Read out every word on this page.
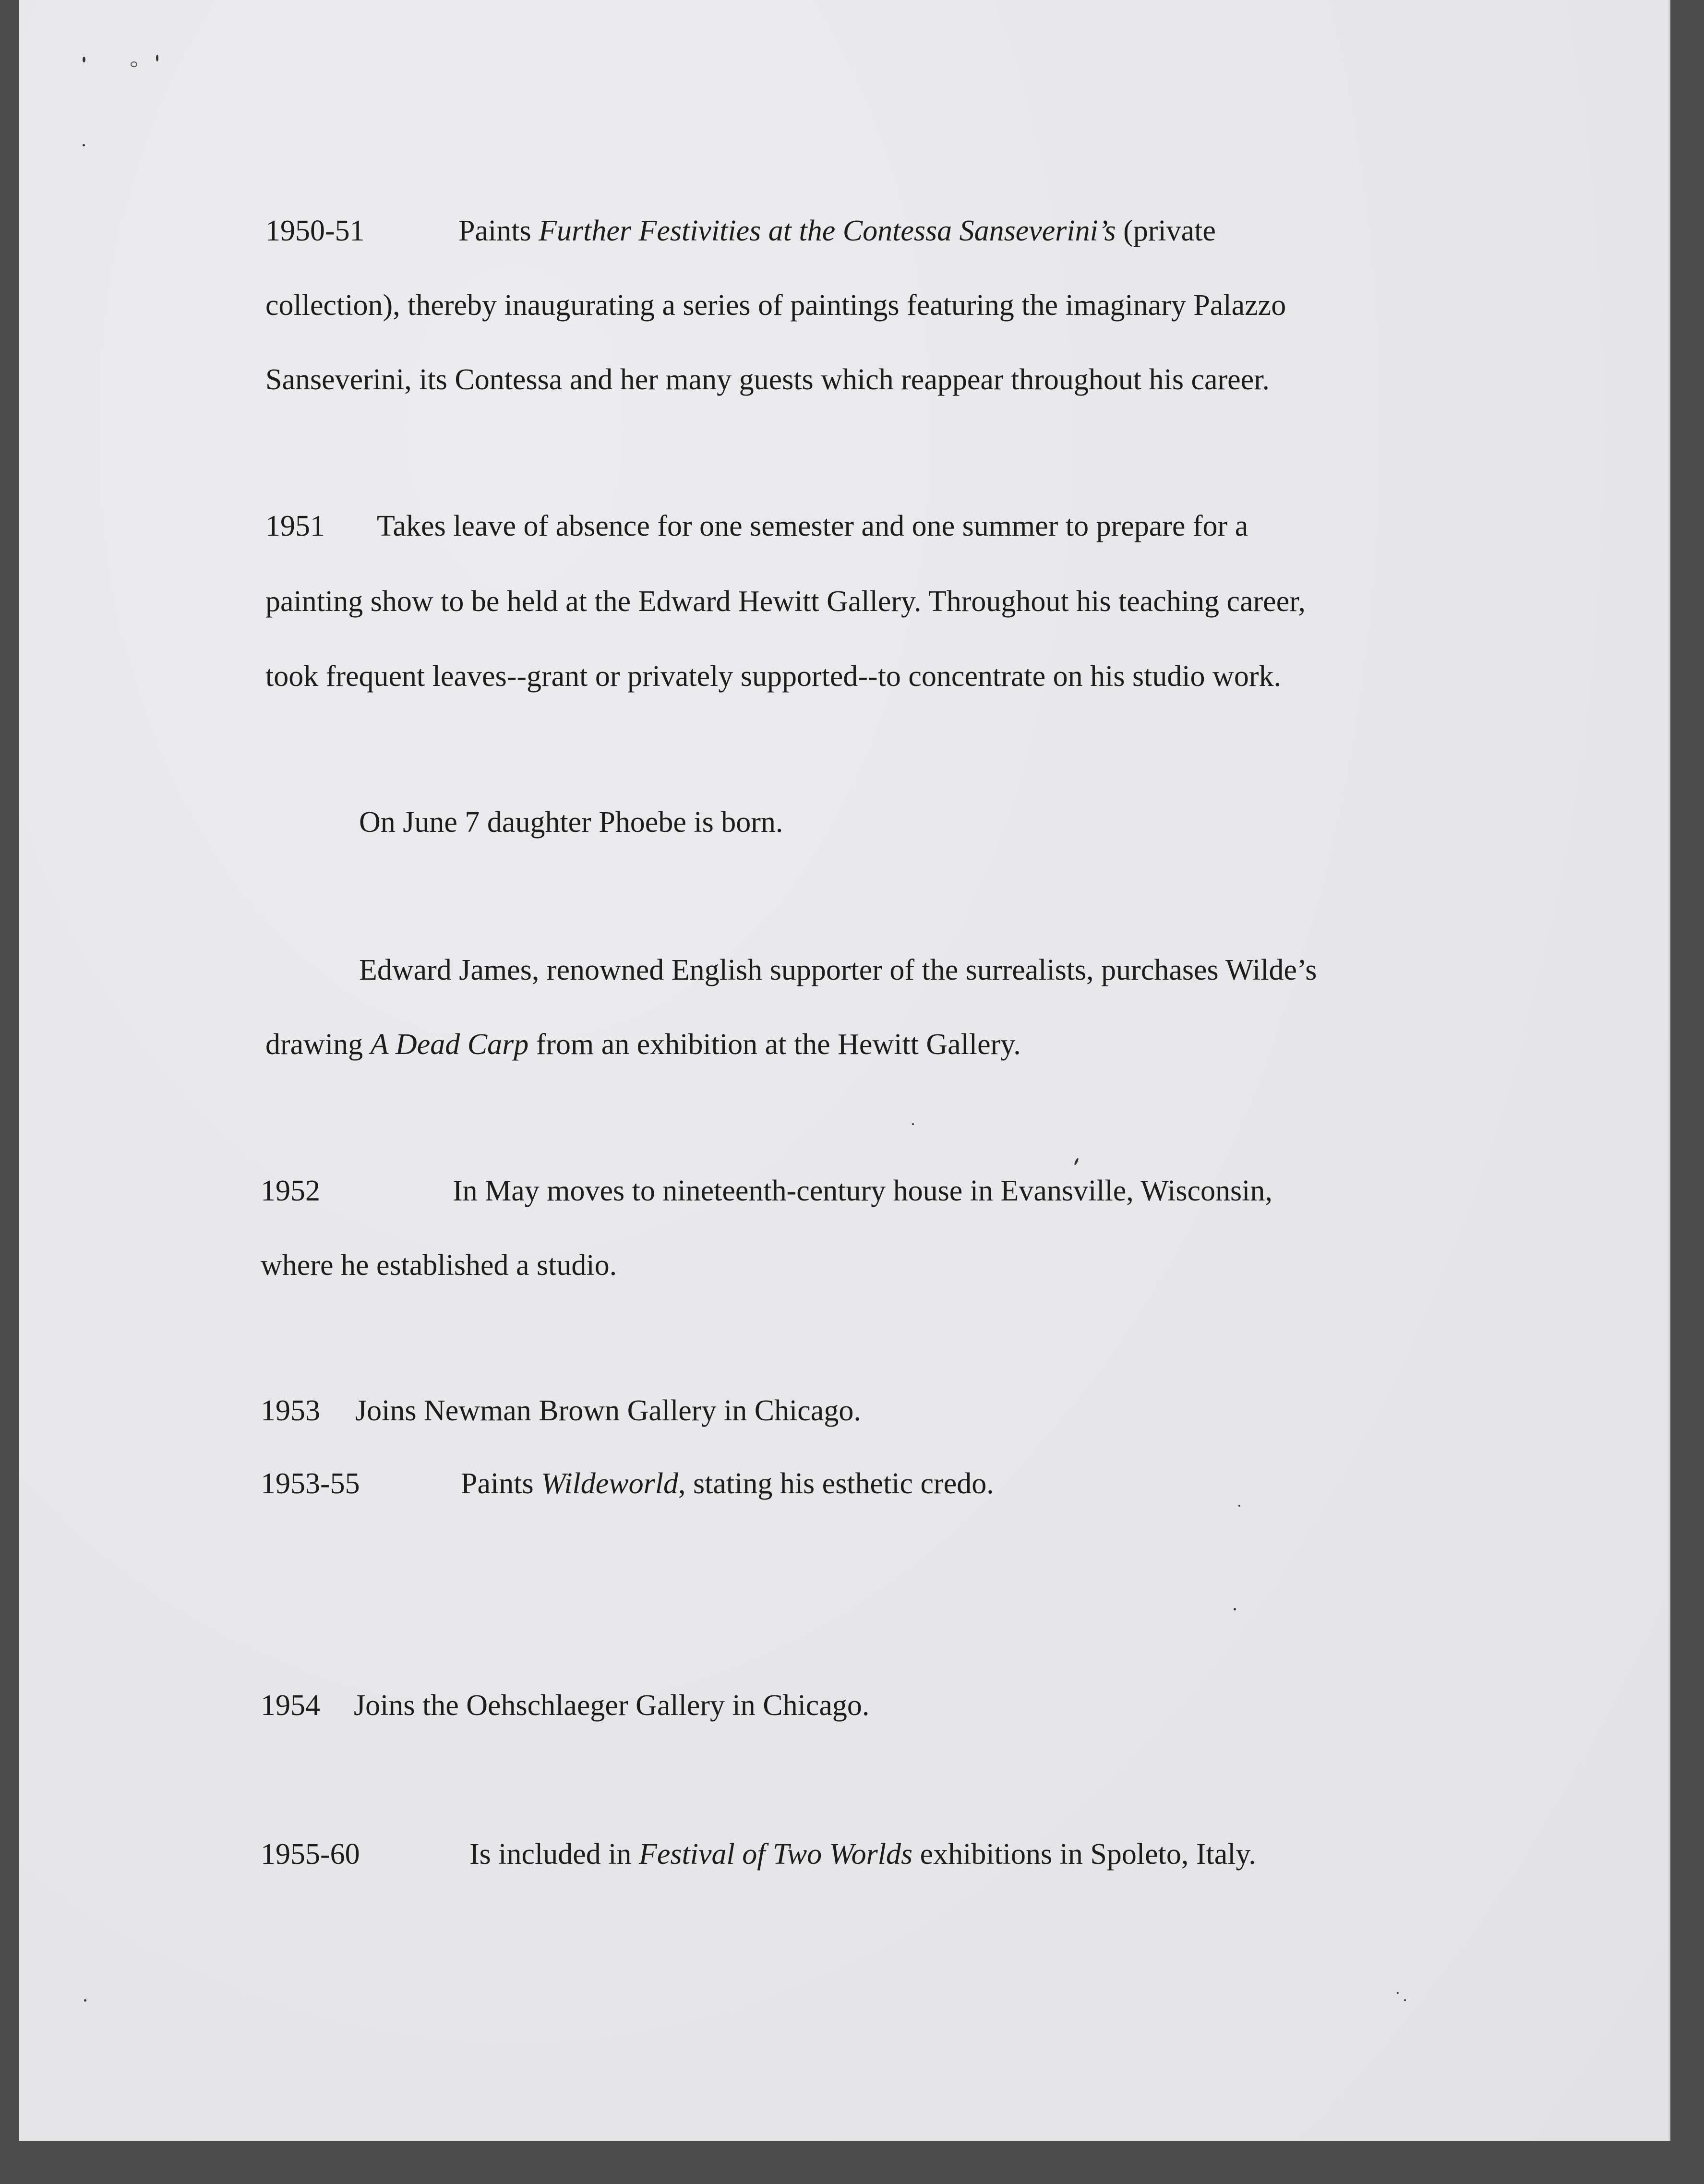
1950-51	Paints Further Festivities at the Contessa Sanseverini’s (private
collection), thereby inaugurating a series of paintings featuring the imaginary Palazzo
Sanseverini, its Contessa and her many guests which reappear throughout his career.
1951 Takes leave of absence for one semester and one summer to prepare for a
painting show to be held at the Edward Hewitt Gallery. Throughout his teaching career,
took frequent leaves--grant or privately supported--to concentrate on his studio work.
On June 7 daughter Phoebe is born.
Edward James, renowned English supporter of the surrealists, purchases Wilde’s
drawing A Dead Carp from an exhibition at the Hewitt Gallery.
1952	In May moves to nineteenth-century house in Evansville, Wisconsin,
where he established a studio.
1953 Joins Newman Brown Gallery in Chicago.
1953-55	Paints Wildeworld, stating his esthetic credo.
1954 Joins the Oehschlaeger Gallery in Chicago.
1955-60	Is included in Festival of Two Worlds exhibitions in Spoleto, Italy.
